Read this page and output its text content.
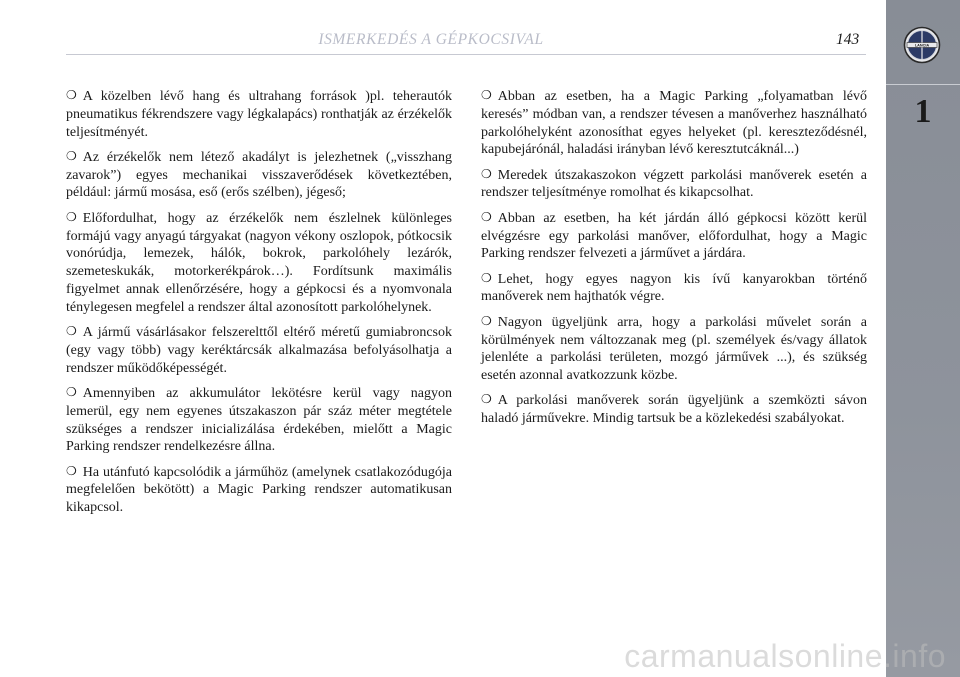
ISMERKEDÉS A GÉPKOCSIVAL	143	LANCIA
1

❍ A közelben lévő hang és ultrahang források )pl. teherautók pneumatikus fékrendszere vagy légkalapács) ronthatják az érzékelők teljesítményét.

❍ Az érzékelők nem létező akadályt is jelezhetnek („visszhang zavarok”) egyes mechanikai visszaverődések következtében, például: jármű mosása, eső (erős szélben), jégeső;

❍ Előfordulhat, hogy az érzékelők nem észlelnek különleges formájú vagy anyagú tárgyakat (nagyon vékony oszlopok, pótkocsik vonórúdja, lemezek, hálók, bokrok, parkolóhely lezárók, szemeteskukák, motorkerékpárok…). Fordítsunk maximális figyelmet annak ellenőrzésére, hogy a gépkocsi és a nyomvonala ténylegesen megfelel a rendszer által azonosított parkolóhelynek.

❍ A jármű vásárlásakor felszerelttől eltérő méretű gumiabroncsok (egy vagy több) vagy keréktárcsák alkalmazása befolyásolhatja a rendszer működőképességét.

❍ Amennyiben az akkumulátor lekötésre kerül vagy nagyon lemerül, egy nem egyenes útszakaszon pár száz méter megtétele szükséges a rendszer inicializálása érdekében, mielőtt a Magic Parking rendszer rendelkezésre állna.

❍ Ha utánfutó kapcsolódik a járműhöz (amelynek csatlakozódugója megfelelően bekötött) a Magic Parking rendszer automatikusan kikapcsol.

❍ Abban az esetben, ha a Magic Parking „folyamatban lévő keresés” módban van, a rendszer tévesen a manőverhez használható parkolóhelyként azonosíthat egyes helyeket (pl. kereszteződésnél, kapubejárónál, haladási irányban lévő keresztutcáknál...)

❍ Meredek útszakaszokon végzett parkolási manőverek esetén a rendszer teljesítménye romolhat és kikapcsolhat.

❍ Abban az esetben, ha két járdán álló gépkocsi között kerül elvégzésre egy parkolási manőver, előfordulhat, hogy a Magic Parking rendszer felvezeti a járművet a járdára.

❍ Lehet, hogy egyes nagyon kis ívű kanyarokban történő manőverek nem hajthatók végre.

❍ Nagyon ügyeljünk arra, hogy a parkolási művelet során a körülmények nem változzanak meg (pl. személyek és/vagy állatok jelenléte a parkolási területen, mozgó járművek ...), és szükség esetén azonnal avatkozzunk közbe.

❍ A parkolási manőverek során ügyeljünk a szemközti sávon haladó járművekre. Mindig tartsuk be a közlekedési szabályokat.

carmanualsonline.info
